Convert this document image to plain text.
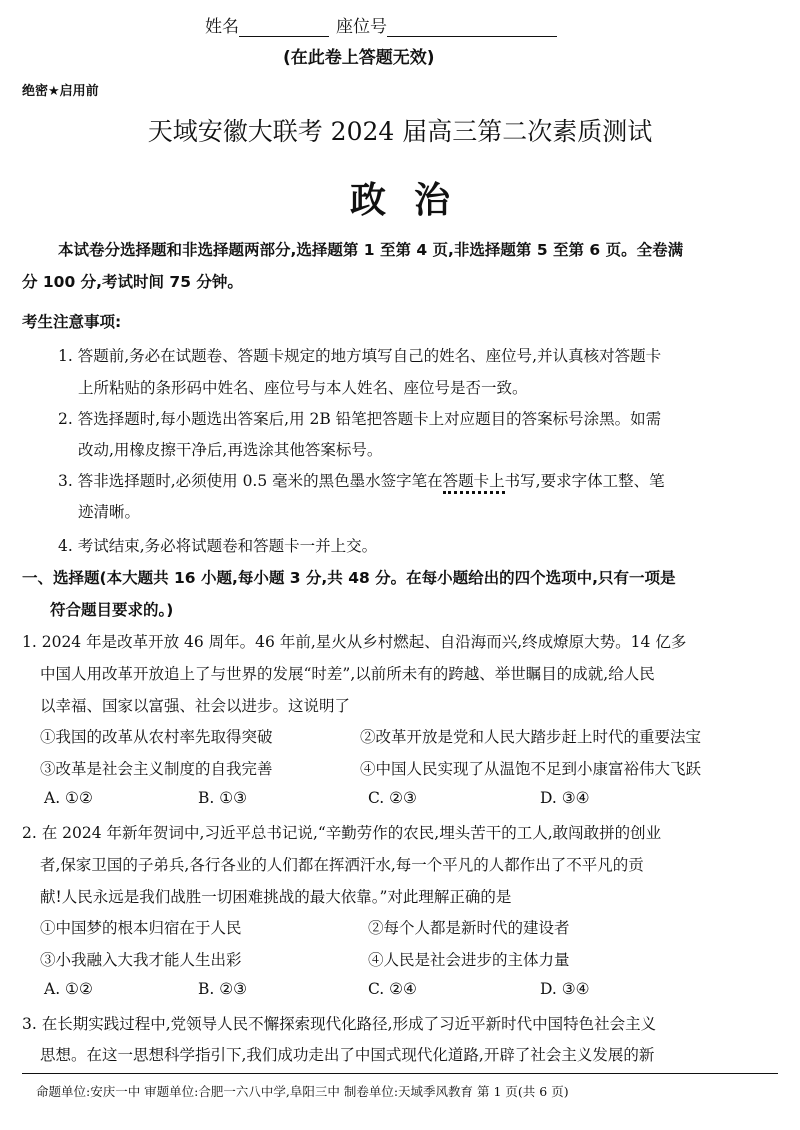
姓名	座位号
(在此卷上答题无效)
绝密★启用前
天域安徽大联考 2024 届高三第二次素质测试
政治
本试卷分选择题和非选择题两部分,选择题第 1 至第 4 页,非选择题第 5 至第 6 页。全卷满
分 100 分,考试时间 75 分钟。
考生注意事项:
1. 答题前,务必在试题卷、答题卡规定的地方填写自己的姓名、座位号,并认真核对答题卡
上所粘贴的条形码中姓名、座位号与本人姓名、座位号是否一致。
2. 答选择题时,每小题选出答案后,用 2B 铅笔把答题卡上对应题目的答案标号涂黑。如需
改动,用橡皮擦干净后,再选涂其他答案标号。
3. 答非选择题时,必须使用 0.5 毫米的黑色墨水签字笔在答题卡上书写,要求字体工整、笔
迹清晰。
4. 考试结束,务必将试题卷和答题卡一并上交。
一、选择题(本大题共 16 小题,每小题 3 分,共 48 分。在每小题给出的四个选项中,只有一项是
符合题目要求的。)
1. 2024 年是改革开放 46 周年。46 年前,星火从乡村燃起、自沿海而兴,终成燎原大势。14 亿多
中国人用改革开放追上了与世界的发展“时差”,以前所未有的跨越、举世瞩目的成就,给人民
以幸福、国家以富强、社会以进步。这说明了
①我国的改革从农村率先取得突破	②改革开放是党和人民大踏步赶上时代的重要法宝
③改革是社会主义制度的自我完善	④中国人民实现了从温饱不足到小康富裕伟大飞跃
A. ①②	B. ①③	C. ②③	D. ③④
2. 在 2024 年新年贺词中,习近平总书记说,“辛勤劳作的农民,埋头苦干的工人,敢闯敢拼的创业
者,保家卫国的子弟兵,各行各业的人们都在挥洒汗水,每一个平凡的人都作出了不平凡的贡
献!人民永远是我们战胜一切困难挑战的最大依靠。”对此理解正确的是
①中国梦的根本归宿在于人民	②每个人都是新时代的建设者
③小我融入大我才能人生出彩	④人民是社会进步的主体力量
A. ①②	B. ②③	C. ②④	D. ③④
3. 在长期实践过程中,党领导人民不懈探索现代化路径,形成了习近平新时代中国特色社会主义
思想。在这一思想科学指引下,我们成功走出了中国式现代化道路,开辟了社会主义发展的新
命题单位:安庆一中 审题单位:合肥一六八中学,阜阳三中 制卷单位:天域季风教育 第 1 页(共 6 页)
